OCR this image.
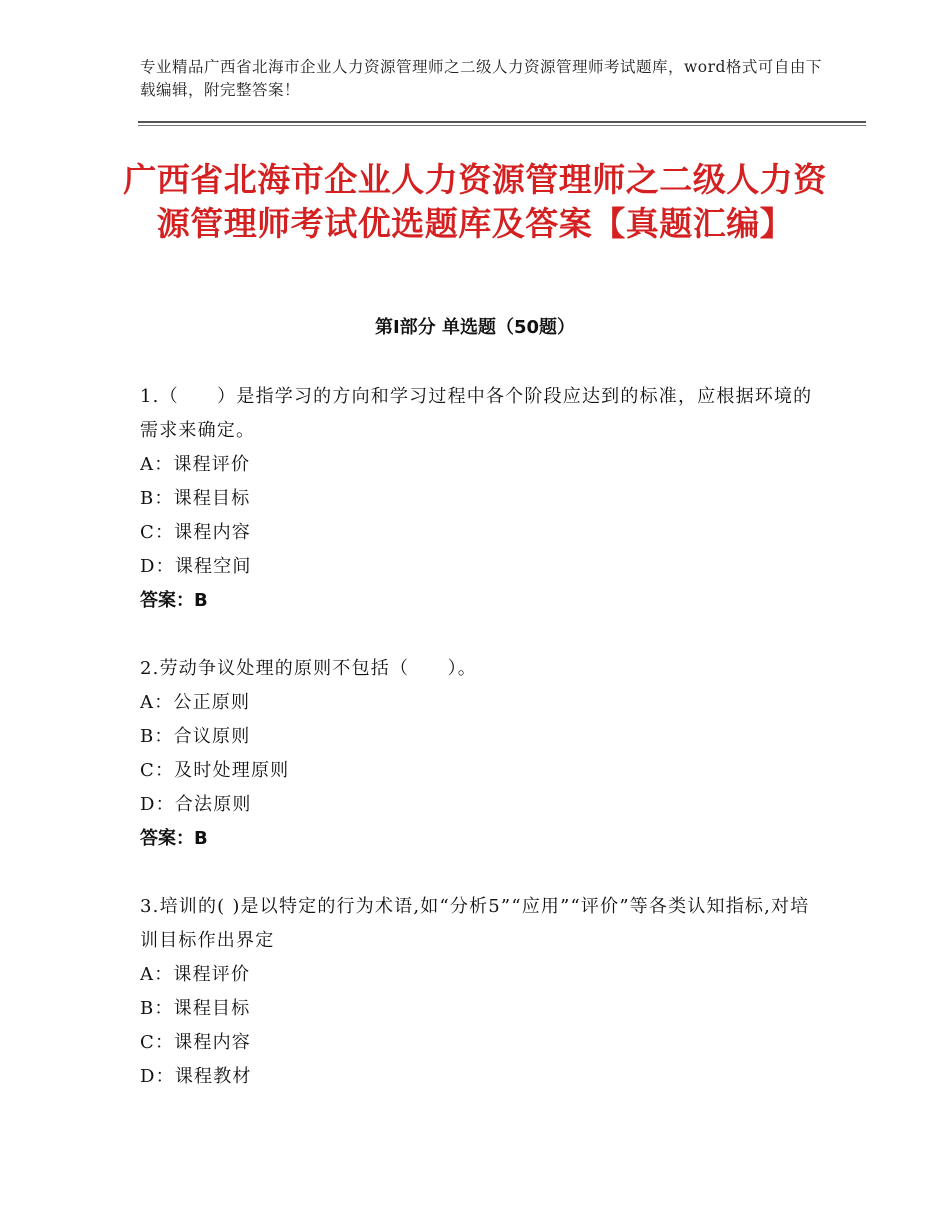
专业精品广西省北海市企业人力资源管理师之二级人力资源管理师考试题库，word格式可自由下载编辑，附完整答案！
广西省北海市企业人力资源管理师之二级人力资源管理师考试优选题库及答案【真题汇编】
第Ⅰ部分 单选题（50题）
1.（　　）是指学习的方向和学习过程中各个阶段应达到的标准，应根据环境的需求来确定。
A：课程评价
B：课程目标
C：课程内容
D：课程空间
答案：B
2.劳动争议处理的原则不包括（　　）。
A：公正原则
B：合议原则
C：及时处理原则
D：合法原则
答案：B
3.培训的( )是以特定的行为术语,如“分析5”“应用”“评价”等各类认知指标,对培训目标作出界定
A：课程评价
B：课程目标
C：课程内容
D：课程教材
